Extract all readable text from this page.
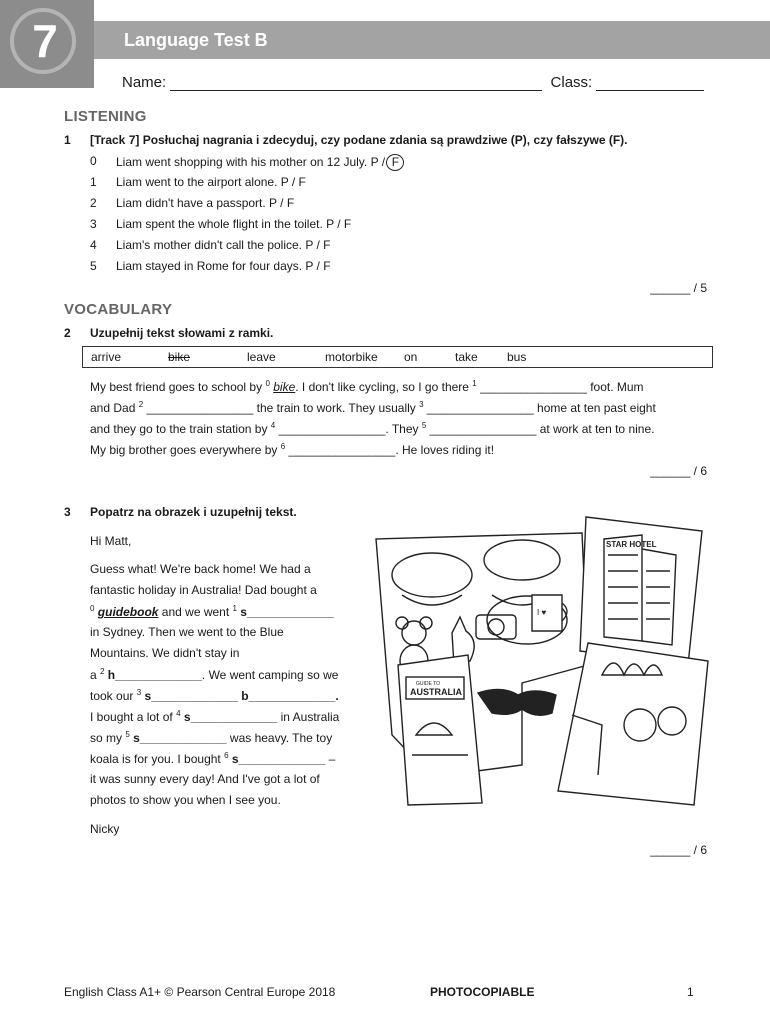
7	Language Test B
Name:	Class:
LISTENING
1 [Track 7] Posłuchaj nagrania i zdecyduj, czy podane zdania są prawdziwe (P), czy fałszywe (F).
0 Liam went shopping with his mother on 12 July. P / F
1 Liam went to the airport alone. P / F
2 Liam didn't have a passport. P / F
3 Liam spent the whole flight in the toilet. P / F
4 Liam's mother didn't call the police. P / F
5 Liam stayed in Rome for four days. P / F
______ / 5
VOCABULARY
2 Uzupełnij tekst słowami z ramki.
arrive	bike	leave	motorbike on	take bus
My best friend goes to school by $^0$ bike. I don't like cycling, so I go there $^1$ ________________ foot. Mum
and Dad $^2$ ________________ the train to work. They usually $^3$ ________________ home at ten past eight
and they go to the train station by $^4$ ________________. They $^5$ ________________ at work at ten to nine.
My big brother goes everywhere by $^6$ ________________. He loves riding it!
______ / 6
3 Popatrz na obrazek i uzupełnij tekst.
Hi Matt,
Guess what! We're back home! We had a
fantastic holiday in Australia! Dad bought a
$^0$ guidebook and we went $^1$ s_____________
in Sydney. Then we went to the Blue
Mountains. We didn't stay in
a $^2$ h_____________. We went camping so we
took our $^3$ s_____________ b_____________.
I bought a lot of $^4$ s_____________ in Australia
so my $^5$ s_____________ was heavy. The toy
koala is for you. I bought $^6$ s_____________ –
it was sunny every day! And I've got a lot of
photos to show you when I see you.
Nicky
______ / 6
STAR HOTEL
GUIDE TO
AUSTRALIA
I ♥
English Class A1+ © Pearson Central Europe 2018	PHOTOCOPIABLE	1
